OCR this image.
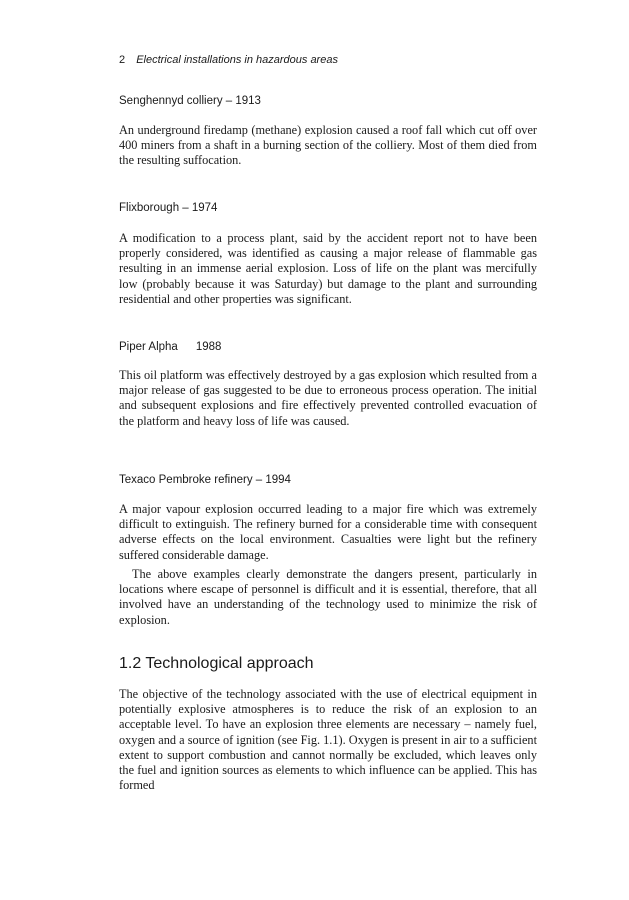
2 Electrical installations in hazardous areas
Senghennyd colliery – 1913

An underground firedamp (methane) explosion caused a roof fall which cut off over 400 miners from a shaft in a burning section of the colliery. Most of them died from the resulting suffocation.

Flixborough – 1974

A modification to a process plant, said by the accident report not to have been properly considered, was identified as causing a major release of flammable gas resulting in an immense aerial explosion. Loss of life on the plant was mercifully low (probably because it was Saturday) but damage to the plant and surrounding residential and other properties was significant.

Piper Alpha 1988

This oil platform was effectively destroyed by a gas explosion which resulted from a major release of gas suggested to be due to erroneous process operation. The initial and subsequent explosions and fire effectively prevented controlled evacuation of the platform and heavy loss of life was caused.

Texaco Pembroke refinery – 1994

A major vapour explosion occurred leading to a major fire which was extremely difficult to extinguish. The refinery burned for a considerable time with consequent adverse effects on the local environment. Casualties were light but the refinery suffered considerable damage.

The above examples clearly demonstrate the dangers present, particularly in locations where escape of personnel is difficult and it is essential, therefore, that all involved have an understanding of the technology used to minimize the risk of explosion.

1.2 Technological approach

The objective of the technology associated with the use of electrical equipment in potentially explosive atmospheres is to reduce the risk of an explosion to an acceptable level. To have an explosion three elements are necessary – namely fuel, oxygen and a source of ignition (see Fig. 1.1). Oxygen is present in air to a sufficient extent to support combustion and cannot normally be excluded, which leaves only the fuel and ignition sources as elements to which influence can be applied. This has formed
